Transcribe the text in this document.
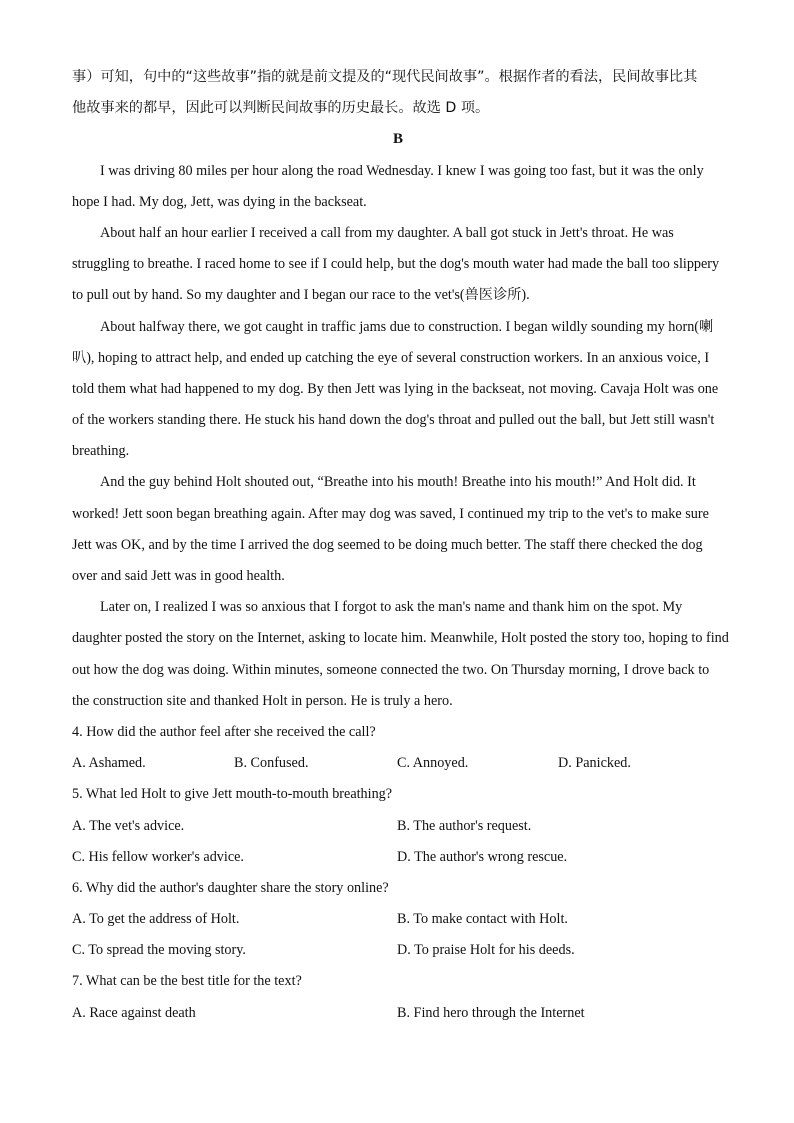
事）可知，句中的“这些故事”指的就是前文提及的“现代民间故事”。根据作者的看法，民间故事比其
他故事来的都早，因此可以判断民间故事的历史最长。故选 D 项。
B
I was driving 80 miles per hour along the road Wednesday. I knew I was going too fast, but it was the only
hope I had. My dog, Jett, was dying in the backseat.
About half an hour earlier I received a call from my daughter. A ball got stuck in Jett's throat. He was
struggling to breathe. I raced home to see if I could help, but the dog's mouth water had made the ball too slippery
to pull out by hand. So my daughter and I began our race to the vet's(兽医诊所).
About halfway there, we got caught in traffic jams due to construction. I began wildly sounding my horn(喇
叭), hoping to attract help, and ended up catching the eye of several construction workers. In an anxious voice, I
told them what had happened to my dog. By then Jett was lying in the backseat, not moving. Cavaja Holt was one
of the workers standing there. He stuck his hand down the dog's throat and pulled out the ball, but Jett still wasn't
breathing.
And the guy behind Holt shouted out, “Breathe into his mouth! Breathe into his mouth!” And Holt did. It
worked! Jett soon began breathing again. After may dog was saved, I continued my trip to the vet's to make sure
Jett was OK, and by the time I arrived the dog seemed to be doing much better. The staff there checked the dog
over and said Jett was in good health.
Later on, I realized I was so anxious that I forgot to ask the man's name and thank him on the spot. My
daughter posted the story on the Internet, asking to locate him. Meanwhile, Holt posted the story too, hoping to find
out how the dog was doing. Within minutes, someone connected the two. On Thursday morning, I drove back to
the construction site and thanked Holt in person. He is truly a hero.
4. How did the author feel after she received the call?
A. Ashamed.	B. Confused.	C. Annoyed.	D. Panicked.
5. What led Holt to give Jett mouth-to-mouth breathing?
A. The vet's advice.	B. The author's request.
C. His fellow worker's advice.	D. The author's wrong rescue.
6. Why did the author's daughter share the story online?
A. To get the address of Holt.	B. To make contact with Holt.
C. To spread the moving story.	D. To praise Holt for his deeds.
7. What can be the best title for the text?
A. Race against death	B. Find hero through the Internet
